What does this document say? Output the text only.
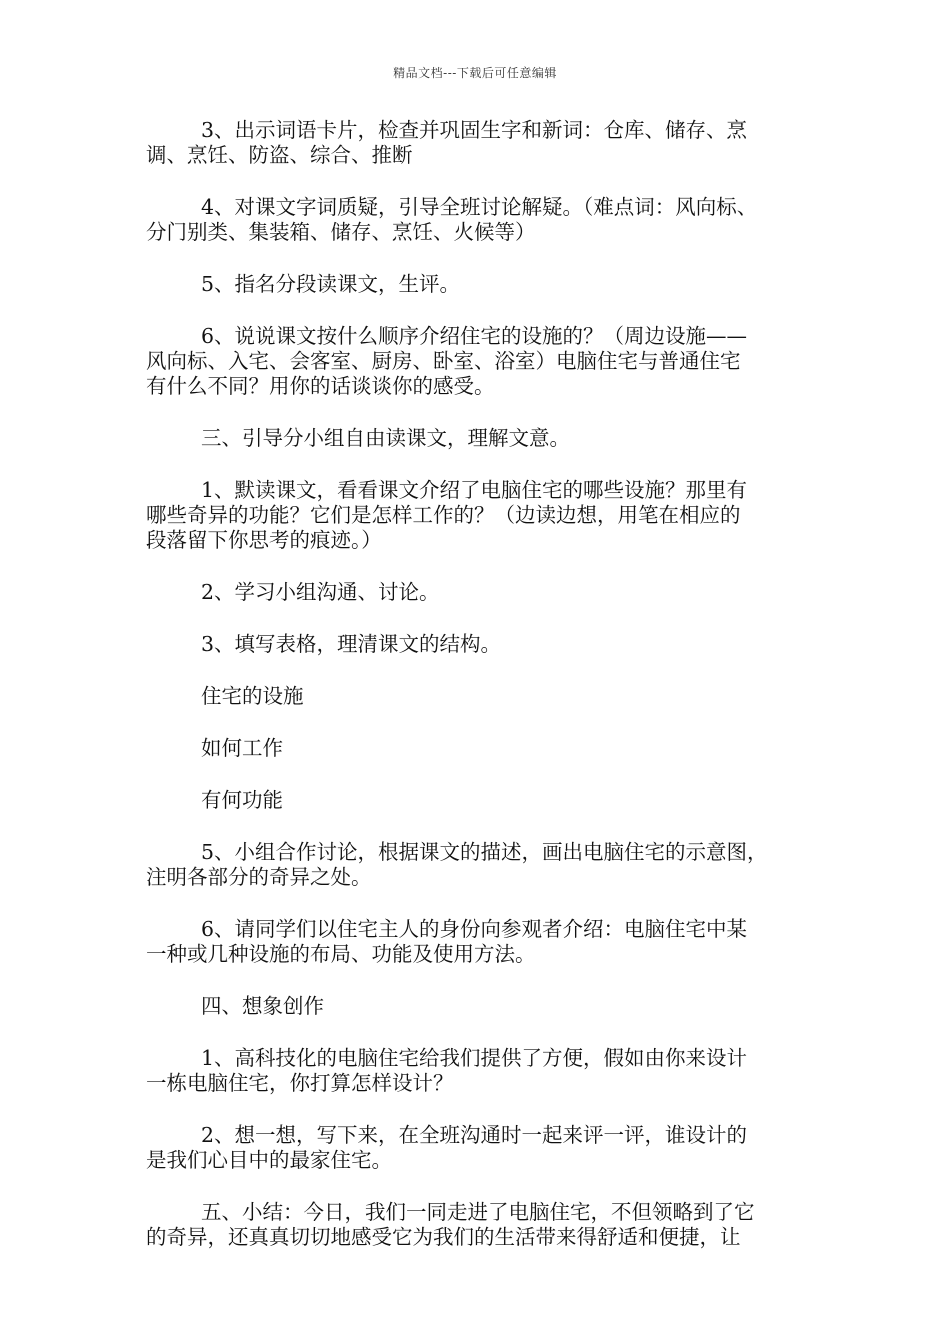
精品文档---下载后可任意编辑
3、出示词语卡片，检查并巩固生字和新词：仓库、储存、烹
调、烹饪、防盗、综合、推断
4、对课文字词质疑，引导全班讨论解疑。（难点词：风向标、
分门别类、集装箱、储存、烹饪、火候等）
5、指名分段读课文，生评。
6、说说课文按什么顺序介绍住宅的设施的？（周边设施——
风向标、入宅、会客室、厨房、卧室、浴室）电脑住宅与普通住宅
有什么不同？用你的话谈谈你的感受。
三、引导分小组自由读课文，理解文意。
1、默读课文，看看课文介绍了电脑住宅的哪些设施？那里有
哪些奇异的功能？它们是怎样工作的？（边读边想，用笔在相应的
段落留下你思考的痕迹。）
2、学习小组沟通、讨论。
3、填写表格，理清课文的结构。
住宅的设施
如何工作
有何功能
5、小组合作讨论，根据课文的描述，画出电脑住宅的示意图，
注明各部分的奇异之处。
6、请同学们以住宅主人的身份向参观者介绍：电脑住宅中某
一种或几种设施的布局、功能及使用方法。
四、想象创作
1、高科技化的电脑住宅给我们提供了方便，假如由你来设计
一栋电脑住宅，你打算怎样设计？
2、想一想，写下来，在全班沟通时一起来评一评，谁设计的
是我们心目中的最家住宅。
五、小结：今日，我们一同走进了电脑住宅，不但领略到了它
的奇异，还真真切切地感受它为我们的生活带来得舒适和便捷，让
